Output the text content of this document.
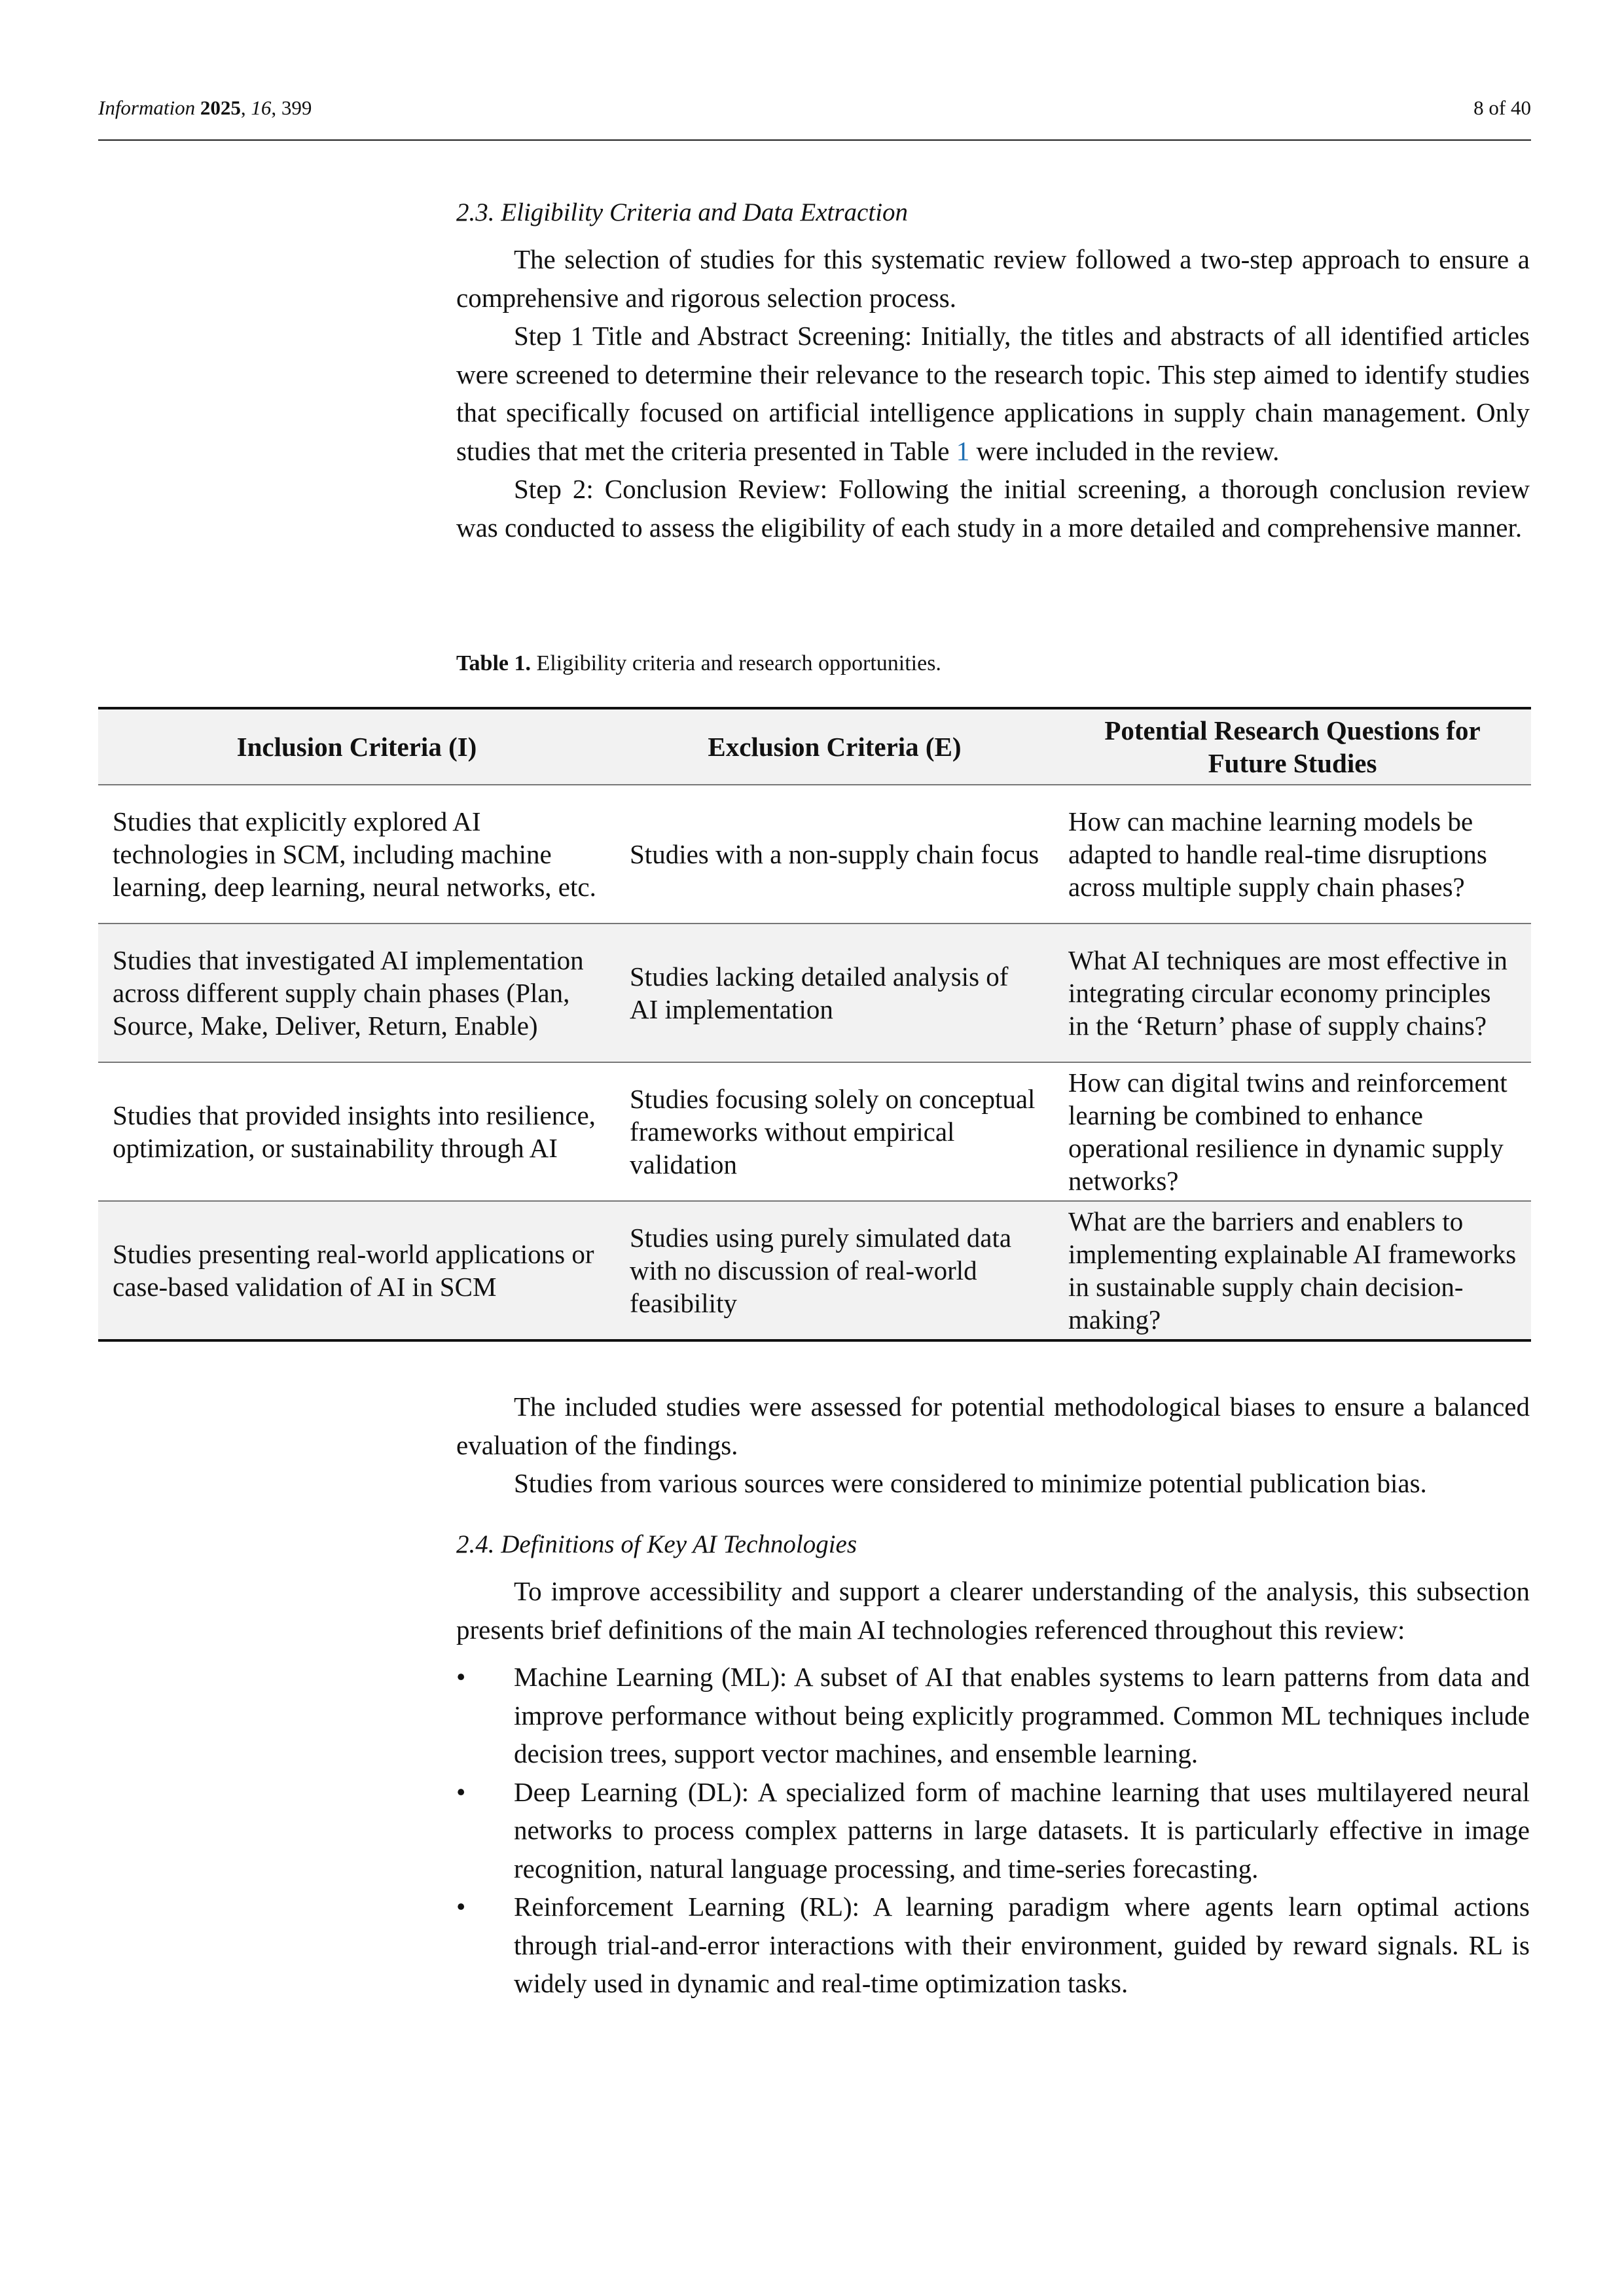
Information 2025, 16, 399	8 of 40

2.3. Eligibility Criteria and Data Extraction

The selection of studies for this systematic review followed a two-step approach to ensure a comprehensive and rigorous selection process.

Step 1 Title and Abstract Screening: Initially, the titles and abstracts of all identified articles were screened to determine their relevance to the research topic. This step aimed to identify studies that specifically focused on artificial intelligence applications in supply chain management. Only studies that met the criteria presented in Table 1 were included in the review.

Step 2: Conclusion Review: Following the initial screening, a thorough conclusion review was conducted to assess the eligibility of each study in a more detailed and comprehensive manner.

Table 1. Eligibility criteria and research opportunities.
Inclusion Criteria (I)	Exclusion Criteria (E)	Potential Research Questions for Future Studies
Studies that explicitly explored AI technologies in SCM, including machine learning, deep learning, neural networks, etc.	Studies with a non-supply chain focus	How can machine learning models be adapted to handle real-time disruptions across multiple supply chain phases?
Studies that investigated AI implementation across different supply chain phases (Plan, Source, Make, Deliver, Return, Enable)	Studies lacking detailed analysis of AI implementation	What AI techniques are most effective in integrating circular economy principles in the ‘Return’ phase of supply chains?
Studies that provided insights into resilience, optimization, or sustainability through AI	Studies focusing solely on conceptual frameworks without empirical validation	How can digital twins and reinforcement learning be combined to enhance operational resilience in dynamic supply networks?
Studies presenting real-world applications or case-based validation of AI in SCM	Studies using purely simulated data with no discussion of real-world feasibility	What are the barriers and enablers to implementing explainable AI frameworks in sustainable supply chain decision-making?

The included studies were assessed for potential methodological biases to ensure a balanced evaluation of the findings.

Studies from various sources were considered to minimize potential publication bias.

2.4. Definitions of Key AI Technologies

To improve accessibility and support a clearer understanding of the analysis, this subsection presents brief definitions of the main AI technologies referenced throughout this review:

• Machine Learning (ML): A subset of AI that enables systems to learn patterns from data and improve performance without being explicitly programmed. Common ML techniques include decision trees, support vector machines, and ensemble learning.
• Deep Learning (DL): A specialized form of machine learning that uses multilayered neural networks to process complex patterns in large datasets. It is particularly effective in image recognition, natural language processing, and time-series forecasting.
• Reinforcement Learning (RL): A learning paradigm where agents learn optimal actions through trial-and-error interactions with their environment, guided by reward signals. RL is widely used in dynamic and real-time optimization tasks.
